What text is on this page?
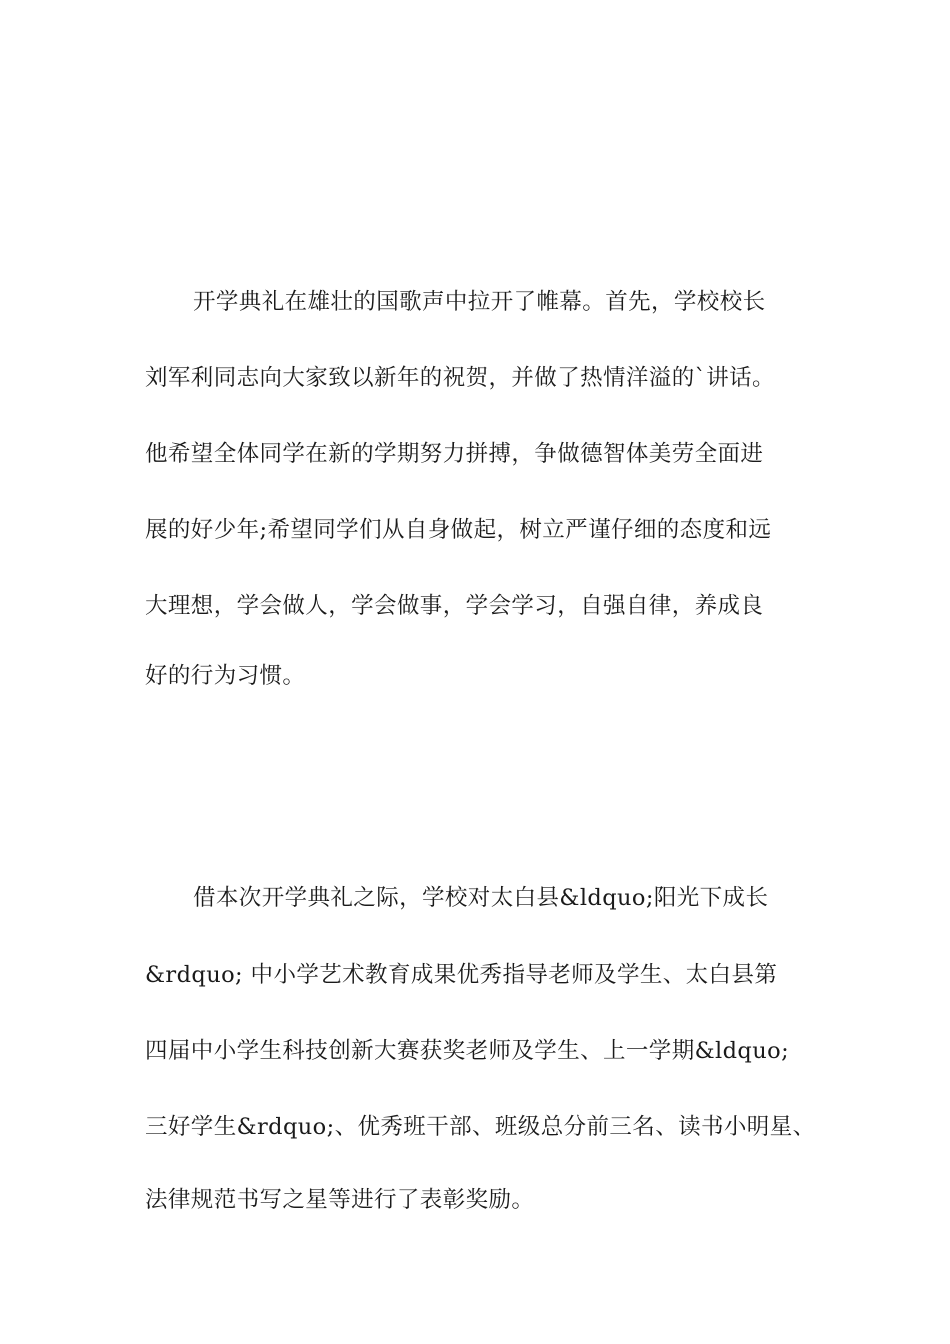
开学典礼在雄壮的国歌声中拉开了帷幕。首先，学校校长
刘军利同志向大家致以新年的祝贺，并做了热情洋溢的`讲话。
他希望全体同学在新的学期努力拼搏，争做德智体美劳全面进
展的好少年;希望同学们从自身做起，树立严谨仔细的态度和远
大理想，学会做人，学会做事，学会学习，自强自律，养成良
好的行为习惯。
借本次开学典礼之际，学校对太白县&ldquo;阳光下成长
&rdquo; 中小学艺术教育成果优秀指导老师及学生、太白县第
四届中小学生科技创新大赛获奖老师及学生、上一学期&ldquo;
三好学生&rdquo;、优秀班干部、班级总分前三名、读书小明星、
法律规范书写之星等进行了表彰奖励。
